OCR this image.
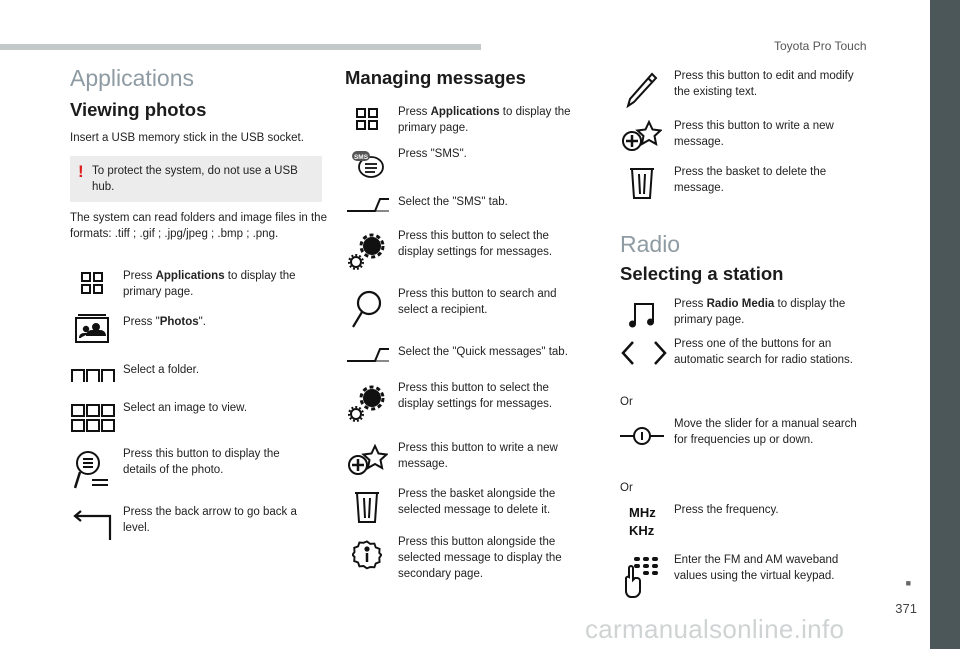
Toyota Pro Touch
■
371
carmanualsonline.info
Applications
Viewing photos
Insert a USB memory stick in the USB socket.
! To protect the system, do not use a USB hub.
The system can read folders and image files in the formats: .tiff ; .gif ; .jpg/jpeg ; .bmp ; .png.
Press Applications to display the primary page.
Press "Photos".
Select a folder.
Select an image to view.
Press this button to display the details of the photo.
Press the back arrow to go back a level.
Managing messages
Press Applications to display the primary page.
SMS	Press "SMS".
Select the "SMS" tab.
Press this button to select the display settings for messages.
Press this button to search and select a recipient.
Select the "Quick messages" tab.
Press this button to select the display settings for messages.
Press this button to write a new message.
Press the basket alongside the selected message to delete it.
Press this button alongside the selected message to display the secondary page.
Press this button to edit and modify the existing text.
Press this button to write a new message.
Press the basket to delete the message.
Radio
Selecting a station
Press Radio Media to display the primary page.
Press one of the buttons for an automatic search for radio stations.
Or
Move the slider for a manual search for frequencies up or down.
Or
MHz
KHz
Press the frequency.
Enter the FM and AM waveband values using the virtual keypad.
